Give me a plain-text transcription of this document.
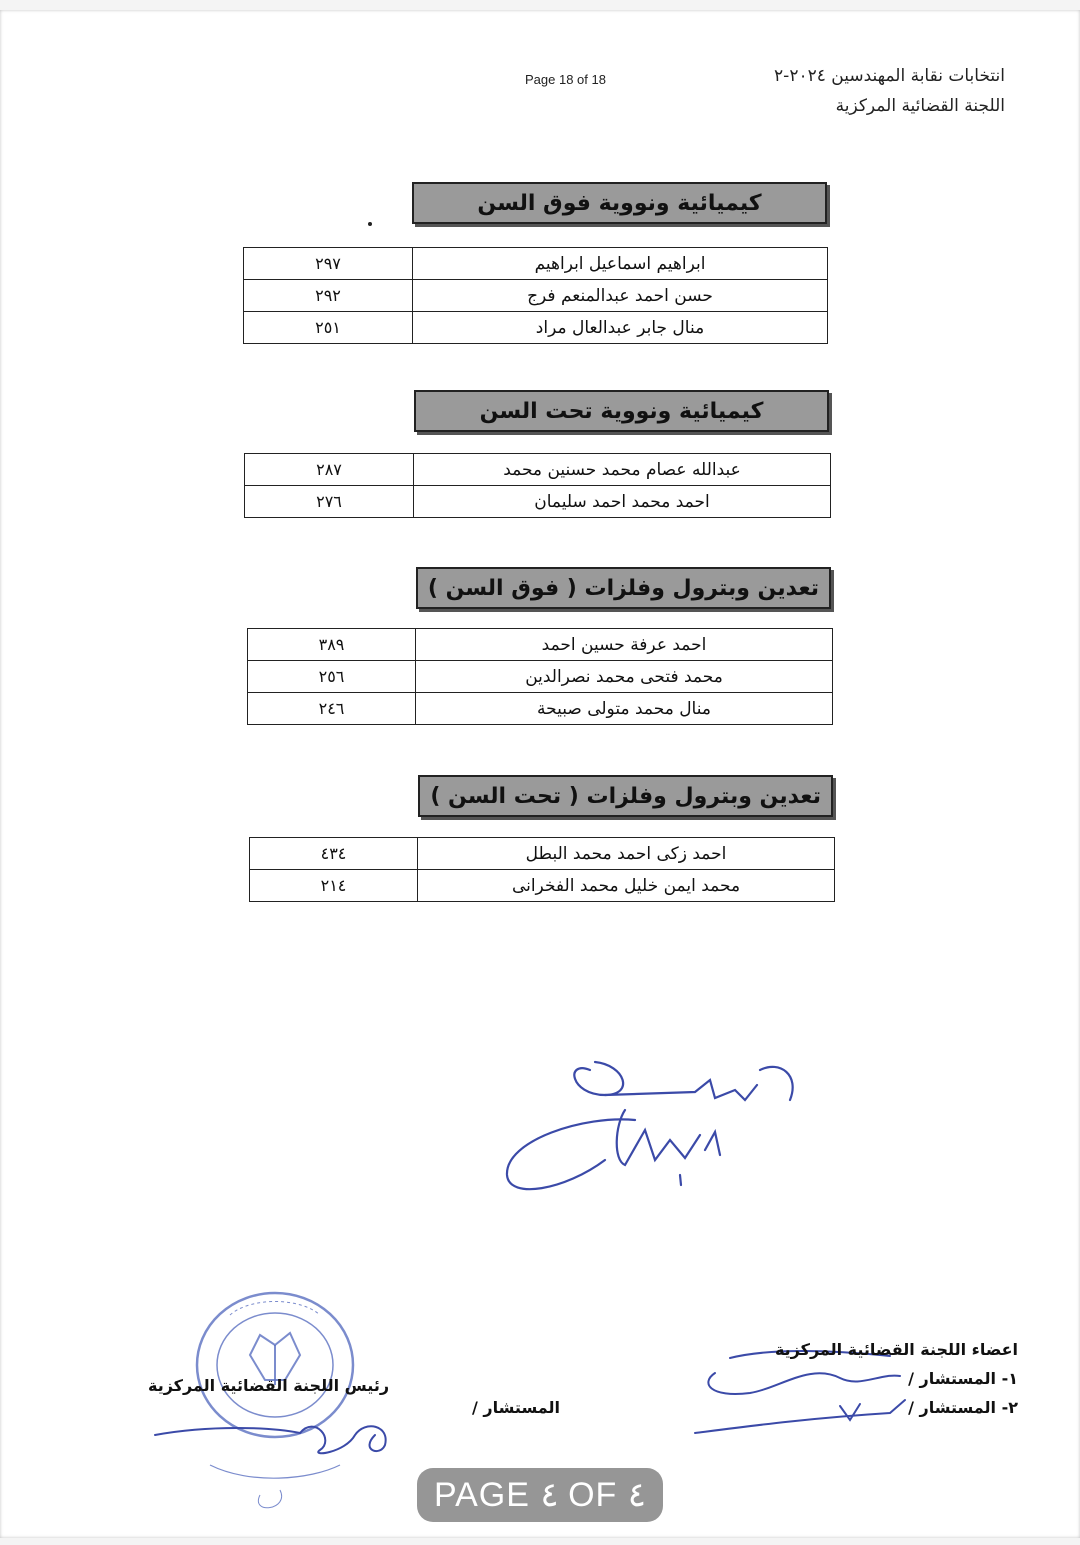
Page 18 of 18	انتخابات نقابة المهندسين ٢٠٢٤-٢
اللجنة القضائية المركزية
كيميائية ونووية فوق السن
ابراهيم اسماعيل ابراهيم	٢٩٧
حسن احمد عبدالمنعم فرج	٢٩٢
منال جابر عبدالعال مراد	٢٥١
كيميائية ونووية تحت السن
عبدالله عصام محمد حسنين محمد	٢٨٧
احمد محمد احمد سليمان	٢٧٦
تعدين وبترول وفلزات ( فوق السن )
احمد عرفة حسين احمد	٣٨٩
محمد فتحى محمد نصرالدين	٢٥٦
منال محمد متولى صبيحة	٢٤٦
تعدين وبترول وفلزات ( تحت السن )
احمد زكى احمد محمد البطل	٤٣٤
محمد ايمن خليل محمد الفخرانى	٢١٤
اعضاء اللجنة القضائية المركزية
١- المستشار /
٢- المستشار /
المستشار /
رئيس اللجنة القضائية المركزية
PAGE ٤ OF ٤
